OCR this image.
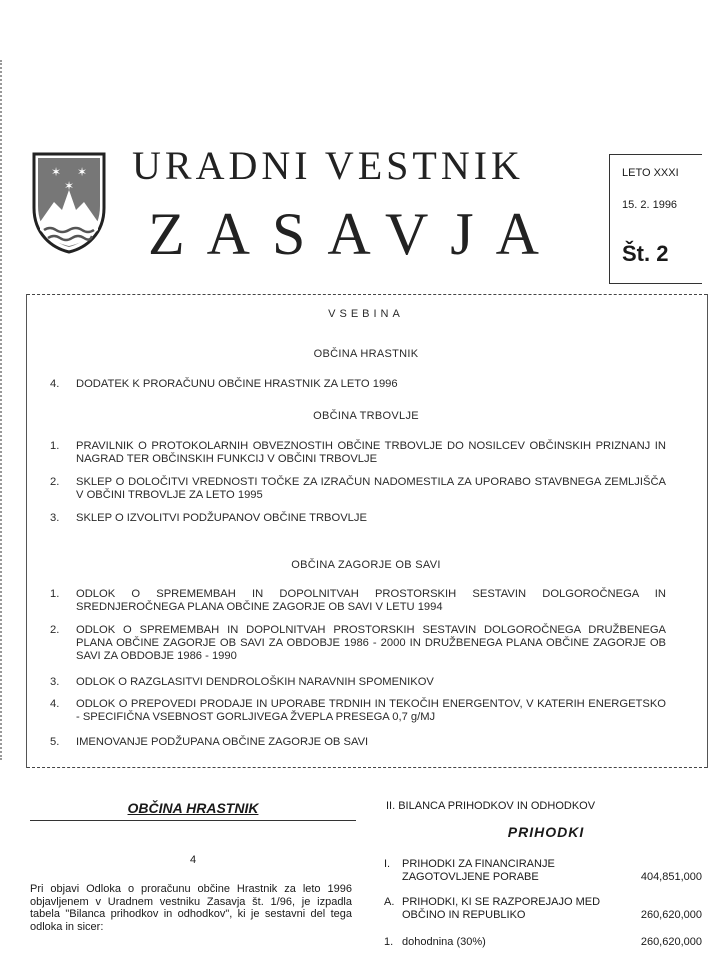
✶ ✶
✶ URADNI VESTNIK
ZASAVJA
LETO XXXI
15. 2. 1996
Št. 2
VSEBINA
OBČINA HRASTNIK
4. DODATEK K PRORAČUNU OBČINE HRASTNIK ZA LETO 1996
OBČINA TRBOVLJE
1. PRAVILNIK O PROTOKOLARNIH OBVEZNOSTIH OBČINE TRBOVLJE DO NOSILCEV OBČINSKIH PRIZNANJ IN NAGRAD TER OBČINSKIH FUNKCIJ V OBČINI TRBOVLJE
2. SKLEP O DOLOČITVI VREDNOSTI TOČKE ZA IZRAČUN NADOMESTILA ZA UPORABO STAVBNEGA ZEMLJIŠČA V OBČINI TRBOVLJE ZA LETO 1995
3. SKLEP O IZVOLITVI PODŽUPANOV OBČINE TRBOVLJE
OBČINA ZAGORJE OB SAVI
1. ODLOK O SPREMEMBAH IN DOPOLNITVAH PROSTORSKIH SESTAVIN DOLGOROČNEGA IN SREDNJEROČNEGA PLANA OBČINE ZAGORJE OB SAVI V LETU 1994
2. ODLOK O SPREMEMBAH IN DOPOLNITVAH PROSTORSKIH SESTAVIN DOLGOROČNEGA DRUŽBENEGA PLANA OBČINE ZAGORJE OB SAVI ZA OBDOBJE 1986 - 2000 IN DRUŽBENEGA PLANA OBČINE ZAGORJE OB SAVI ZA OBDOBJE 1986 - 1990
3. ODLOK O RAZGLASITVI DENDROLOŠKIH NARAVNIH SPOMENIKOV
4. ODLOK O PREPOVEDI PRODAJE IN UPORABE TRDNIH IN TEKOČIH ENERGENTOV, V KATERIH ENERGETSKO - SPECIFIČNA VSEBNOST GORLJIVEGA ŽVEPLA PRESEGA 0,7 g/MJ
5. IMENOVANJE PODŽUPANA OBČINE ZAGORJE OB SAVI
OBČINA HRASTNIK
4
Pri objavi Odloka o proračunu občine Hrastnik za leto 1996 objavljenem v Uradnem vestniku Zasavja št. 1/96, je izpadla tabela "Bilanca prihodkov in odhodkov", ki je sestavni del tega odloka in sicer:
II. BILANCA PRIHODKOV IN ODHODKOV
PRIHODKI
I. PRIHODKI ZA FINANCIRANJE ZAGOTOVLJENE PORABE	404,851,000
A. PRIHODKI, KI SE RAZPOREJAJO MED OBČINO IN REPUBLIKO	260,620,000
1. dohodnina (30%)	260,620,000
